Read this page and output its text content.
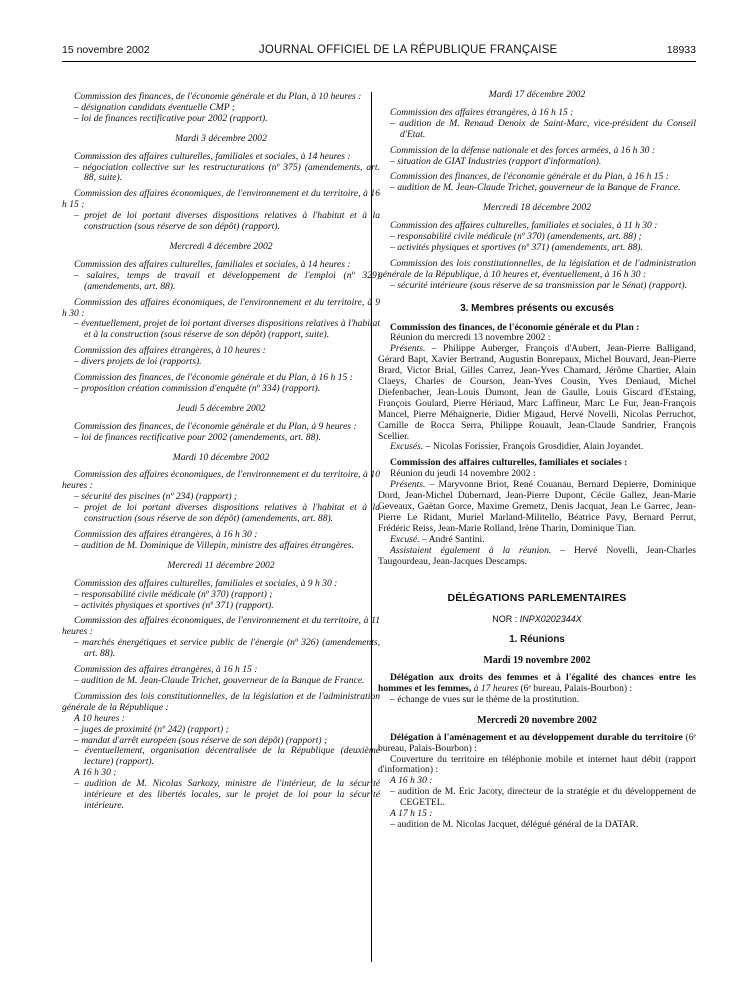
15 novembre 2002	JOURNAL OFFICIEL DE LA RÉPUBLIQUE FRANÇAISE	18933

Commission des finances, de l'économie générale et du Plan, à 10 heures :

– désignation candidats éventuelle CMP ;

– loi de finances rectificative pour 2002 (rapport).

Mardi 3 décembre 2002

Commission des affaires culturelles, familiales et sociales, à 14 heures :

– négociation collective sur les restructurations (nº 375) (amendements, art. 88, suite).

Commission des affaires économiques, de l'environnement et du territoire, à 16 h 15 :

– projet de loi portant diverses dispositions relatives à l'habitat et à la construction (sous réserve de son dépôt) (rapport).

Mercredi 4 décembre 2002

Commission des affaires culturelles, familiales et sociales, à 14 heures :

– salaires, temps de travail et développement de l'emploi (nº 329) (amendements, art. 88).

Commission des affaires économiques, de l'environnement et du territoire, à 9 h 30 :

– éventuellement, projet de loi portant diverses dispositions relatives à l'habitat et à la construction (sous réserve de son dépôt) (rapport, suite).

Commission des affaires étrangères, à 10 heures :

– divers projets de loi (rapports).

Commission des finances, de l'économie générale et du Plan, à 16 h 15 :

– proposition création commission d'enquête (nº 334) (rapport).

Jeudi 5 décembre 2002

Commission des finances, de l'économie générale et du Plan, à 9 heures :

– loi de finances rectificative pour 2002 (amendements, art. 88).

Mardi 10 décembre 2002

Commission des affaires économiques, de l'environnement et du territoire, à 10 heures :

– sécurité des piscines (nº 234) (rapport) ;

– projet de loi portant diverses dispositions relatives à l'habitat et à la construction (sous réserve de son dépôt) (amendements, art. 88).

Commission des affaires étrangères, à 16 h 30 :

– audition de M. Dominique de Villepin, ministre des affaires étrangères.

Mercredi 11 décembre 2002

Commission des affaires culturelles, familiales et sociales, à 9 h 30 :

– responsabilité civile médicale (nº 370) (rapport) ;

– activités physiques et sportives (nº 371) (rapport).

Commission des affaires économiques, de l'environnement et du territoire, à 11 heures :

– marchés énergétiques et service public de l'énergie (nº 326) (amendements, art. 88).

Commission des affaires étrangères, à 16 h 15 :

– audition de M. Jean-Claude Trichet, gouverneur de la Banque de France.

Commission des lois constitutionnelles, de la législation et de l'administration générale de la République :

A 10 heures :

– juges de proximité (nº 242) (rapport) ;

– mandat d'arrêt européen (sous réserve de son dépôt) (rapport) ;

– éventuellement, organisation décentralisée de la République (deuxième lecture) (rapport).

A 16 h 30 :

– audition de M. Nicolas Sarkozy, ministre de l'intérieur, de la sécurité intérieure et des libertés locales, sur le projet de loi pour la sécurité intérieure.

Mardi 17 décembre 2002

Commission des affaires étrangères, à 16 h 15 :

– audition de M. Renaud Denoix de Saint-Marc, vice-président du Conseil d'Etat.

Commission de la défense nationale et des forces armées, à 16 h 30 :

– situation de GIAT Industries (rapport d'information).

Commission des finances, de l'économie générale et du Plan, à 16 h 15 :

– audition de M. Jean-Claude Trichet, gouverneur de la Banque de France.

Mercredi 18 décembre 2002

Commission des affaires culturelles, familiales et sociales, à 11 h 30 :

– responsabilité civile médicale (nº 370) (amendements, art. 88) ;

– activités physiques et sportives (nº 371) (amendements, art. 88).

Commission des lois constitutionnelles, de la législation et de l'administration générale de la République, à 10 heures et, éventuellement, à 16 h 30 :

– sécurité intérieure (sous réserve de sa transmission par le Sénat) (rapport).

3. Membres présents ou excusés

Commission des finances, de l'économie générale et du Plan :

Réunion du mercredi 13 novembre 2002 :

Présents. – Philippe Auberger, François d'Aubert, Jean-Pierre Balligand, Gérard Bapt, Xavier Bertrand, Augustin Bonrepaux, Michel Bouvard, Jean-Pierre Brard, Victor Brial, Gilles Carrez, Jean-Yves Chamard, Jérôme Chartier, Alain Claeys, Charles de Courson, Jean-Yves Cousin, Yves Deniaud, Michel Diefenbacher, Jean-Louis Dumont, Jean de Gaulle, Louis Giscard d'Estaing, François Goulard, Pierre Hériaud, Marc Laffineur, Marc Le Fur, Jean-François Mancel, Pierre Méhaignerie, Didier Migaud, Hervé Novelli, Nicolas Perruchot, Camille de Rocca Serra, Philippe Rouault, Jean-Claude Sandrier, François Scellier.

Excusés. – Nicolas Forissier, François Grosdidier, Alain Joyandet.

Commission des affaires culturelles, familiales et sociales :

Réunion du jeudi 14 novembre 2002 :

Présents. – Maryvonne Briot, René Couanau, Bernard Depierre, Dominique Dord, Jean-Michel Dubernard, Jean-Pierre Dupont, Cécile Gallez, Jean-Marie Geveaux, Gaëtan Gorce, Maxime Gremetz, Denis Jacquat, Jean Le Garrec, Jean-Pierre Le Ridant, Muriel Marland-Militello, Béatrice Pavy, Bernard Perrut, Frédéric Reiss, Jean-Marie Rolland, Irène Tharin, Dominique Tian.

Excusé. – André Santini.

Assistaient également à la réunion. – Hervé Novelli, Jean-Charles Taugourdeau, Jean-Jacques Descamps.

DÉLÉGATIONS PARLEMENTAIRES

NOR : INPX0202344X

1. Réunions

Mardi 19 novembre 2002

Délégation aux droits des femmes et à l'égalité des chances entre les hommes et les femmes, à 17 heures (6ᵉ bureau, Palais-Bourbon) :

– échange de vues sur le thème de la prostitution.

Mercredi 20 novembre 2002

Délégation à l'aménagement et au développement durable du territoire (6ᵉ bureau, Palais-Bourbon) :

Couverture du territoire en téléphonie mobile et internet haut débit (rapport d'information) :

A 16 h 30 :

– audition de M. Eric Jacoty, directeur de la stratégie et du développement de CEGETEL.

A 17 h 15 :

– audition de M. Nicolas Jacquet, délégué général de la DATAR.
